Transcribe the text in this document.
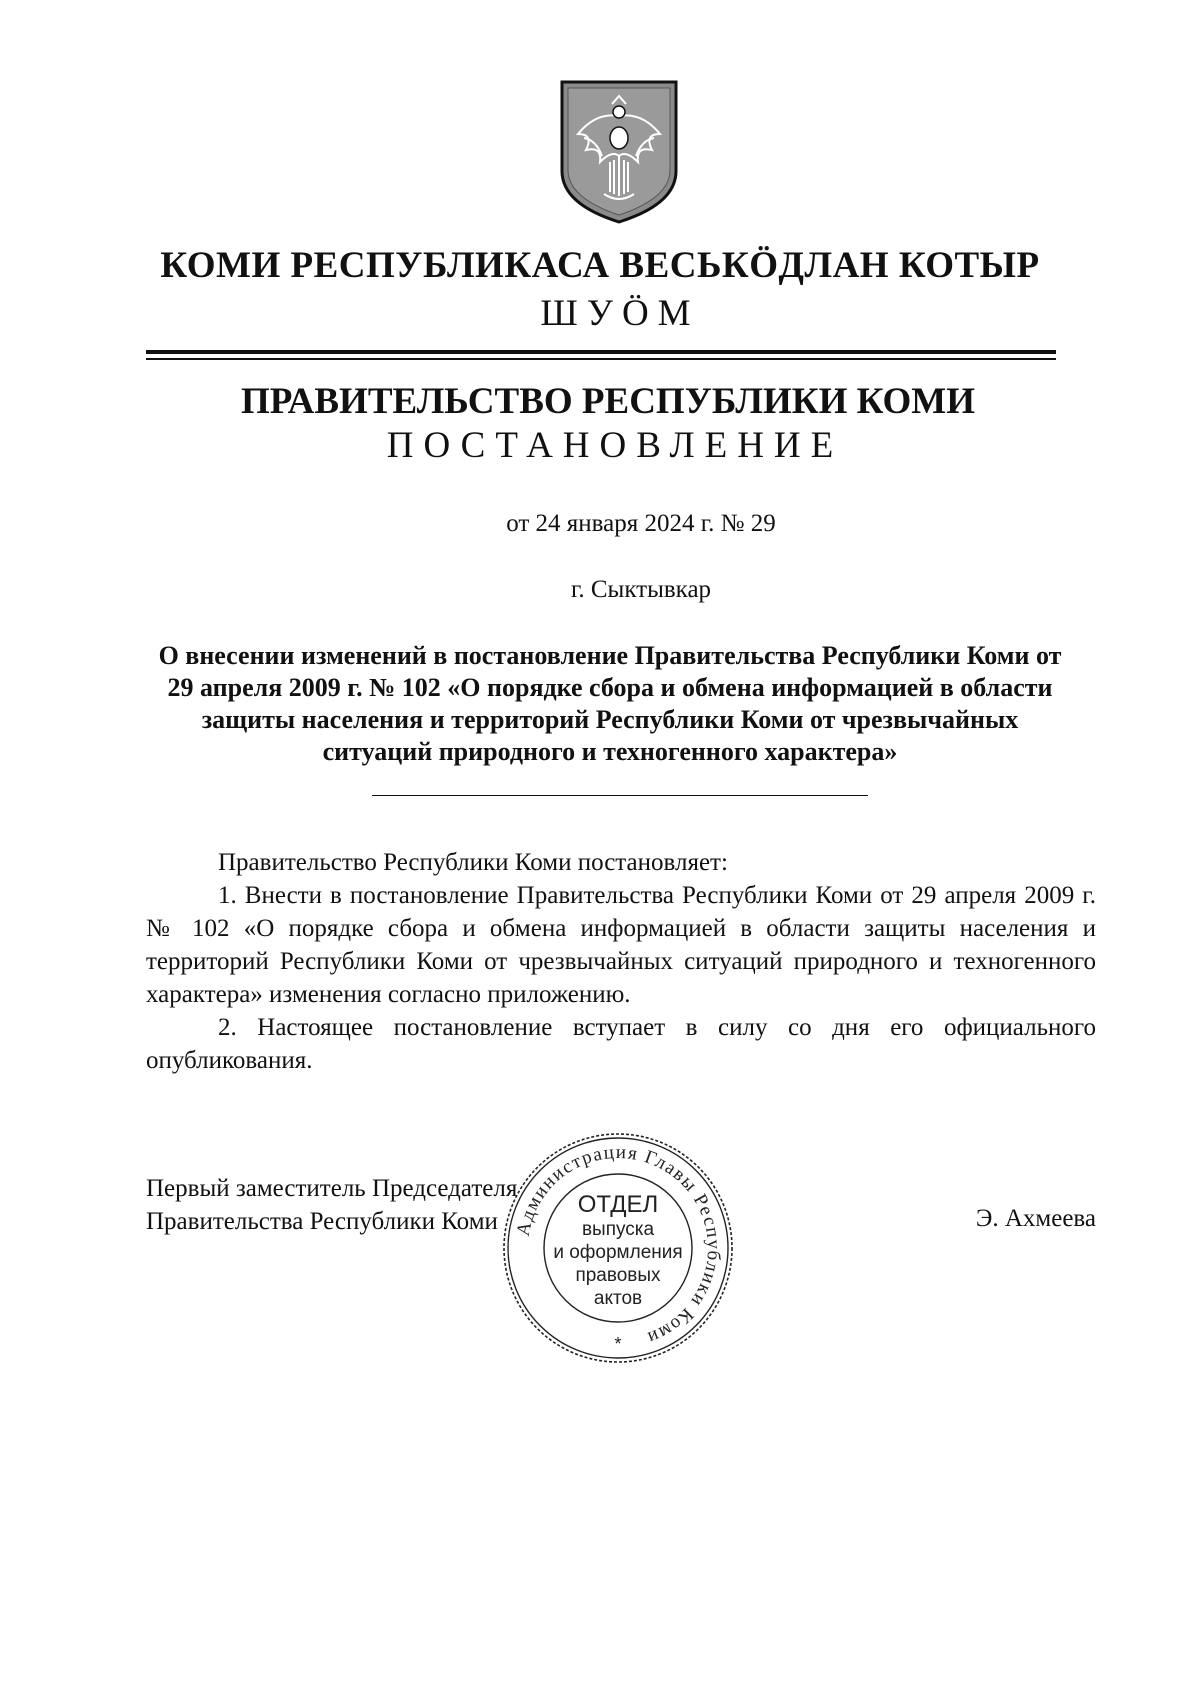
КОМИ РЕСПУБЛИКАСА ВЕСЬКӦДЛАН КОТЫР
ШУÖМ
ПРАВИТЕЛЬСТВО РЕСПУБЛИКИ КОМИ
ПОСТАНОВЛЕНИЕ
от 24 января 2024 г. № 29
г. Сыктывкар
О внесении изменений в постановление Правительства Республики Коми от 29 апреля 2009 г. № 102 «О порядке сбора и обмена информацией в области защиты населения и территорий Республики Коми от чрезвычайных ситуаций природного и техногенного характера»

Правительство Республики Коми постановляет:

1. Внести в постановление Правительства Республики Коми от 29 апреля 2009 г. № 102 «О порядке сбора и обмена информацией в области защиты населения и территорий Республики Коми от чрезвычайных ситуаций природного и техногенного характера» изменения согласно приложению.

2. Настоящее постановление вступает в силу со дня его официального опубликования.

Первый заместитель Председателя
Правительства Республики Коми	Э. Ахмеева
Администрация Главы Республики Коми
ОТДЕЛ
выпуска
и оформления
правовых
актов
*
